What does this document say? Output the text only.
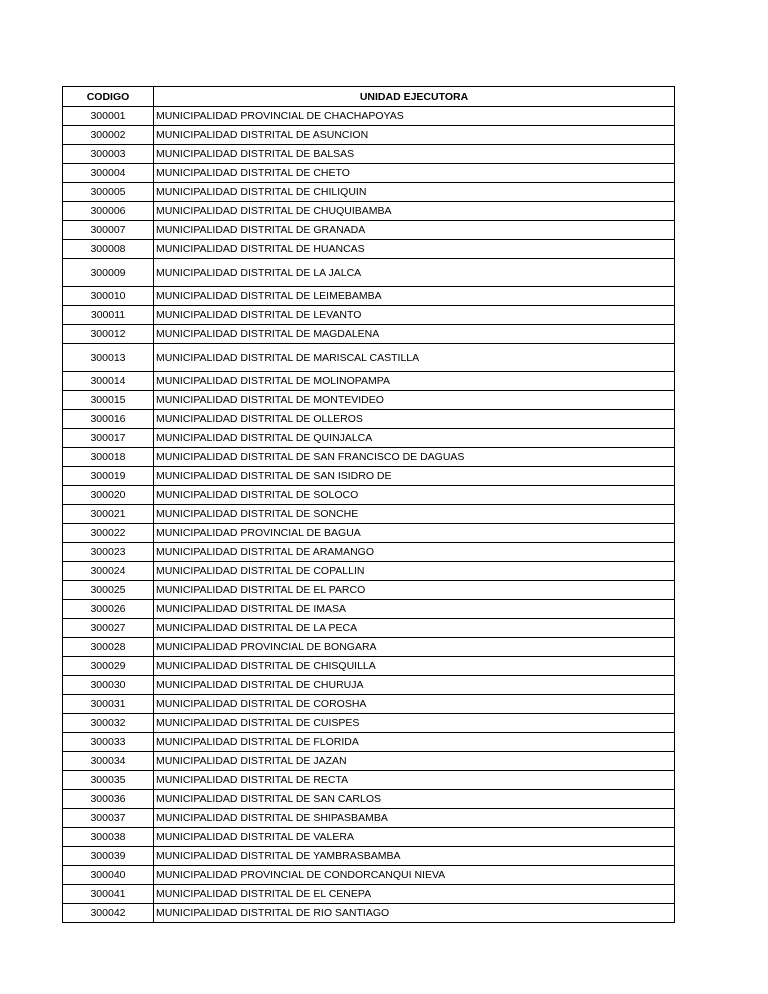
CODIGO	UNIDAD EJECUTORA
300001	MUNICIPALIDAD PROVINCIAL DE CHACHAPOYAS
300002	MUNICIPALIDAD DISTRITAL DE ASUNCION
300003	MUNICIPALIDAD DISTRITAL DE BALSAS
300004	MUNICIPALIDAD DISTRITAL DE CHETO
300005	MUNICIPALIDAD DISTRITAL DE CHILIQUIN
300006	MUNICIPALIDAD DISTRITAL DE CHUQUIBAMBA
300007	MUNICIPALIDAD DISTRITAL DE GRANADA
300008	MUNICIPALIDAD DISTRITAL DE HUANCAS
300009	MUNICIPALIDAD DISTRITAL DE LA JALCA
300010	MUNICIPALIDAD DISTRITAL DE LEIMEBAMBA
300011	MUNICIPALIDAD DISTRITAL DE LEVANTO
300012	MUNICIPALIDAD DISTRITAL DE MAGDALENA
300013	MUNICIPALIDAD DISTRITAL DE MARISCAL CASTILLA
300014	MUNICIPALIDAD DISTRITAL DE MOLINOPAMPA
300015	MUNICIPALIDAD DISTRITAL DE MONTEVIDEO
300016	MUNICIPALIDAD DISTRITAL DE OLLEROS
300017	MUNICIPALIDAD DISTRITAL DE QUINJALCA
300018	MUNICIPALIDAD DISTRITAL DE SAN FRANCISCO DE DAGUAS
300019	MUNICIPALIDAD DISTRITAL DE SAN ISIDRO DE
300020	MUNICIPALIDAD DISTRITAL DE SOLOCO
300021	MUNICIPALIDAD DISTRITAL DE SONCHE
300022	MUNICIPALIDAD PROVINCIAL DE BAGUA
300023	MUNICIPALIDAD DISTRITAL DE ARAMANGO
300024	MUNICIPALIDAD DISTRITAL DE COPALLIN
300025	MUNICIPALIDAD DISTRITAL DE EL PARCO
300026	MUNICIPALIDAD DISTRITAL DE IMASA
300027	MUNICIPALIDAD DISTRITAL DE LA PECA
300028	MUNICIPALIDAD PROVINCIAL DE BONGARA
300029	MUNICIPALIDAD DISTRITAL DE CHISQUILLA
300030	MUNICIPALIDAD DISTRITAL DE CHURUJA
300031	MUNICIPALIDAD DISTRITAL DE COROSHA
300032	MUNICIPALIDAD DISTRITAL DE CUISPES
300033	MUNICIPALIDAD DISTRITAL DE FLORIDA
300034	MUNICIPALIDAD DISTRITAL DE JAZAN
300035	MUNICIPALIDAD DISTRITAL DE RECTA
300036	MUNICIPALIDAD DISTRITAL DE SAN CARLOS
300037	MUNICIPALIDAD DISTRITAL DE SHIPASBAMBA
300038	MUNICIPALIDAD DISTRITAL DE VALERA
300039	MUNICIPALIDAD DISTRITAL DE YAMBRASBAMBA
300040	MUNICIPALIDAD PROVINCIAL DE CONDORCANQUI NIEVA
300041	MUNICIPALIDAD DISTRITAL DE EL CENEPA
300042	MUNICIPALIDAD DISTRITAL DE RIO SANTIAGO
